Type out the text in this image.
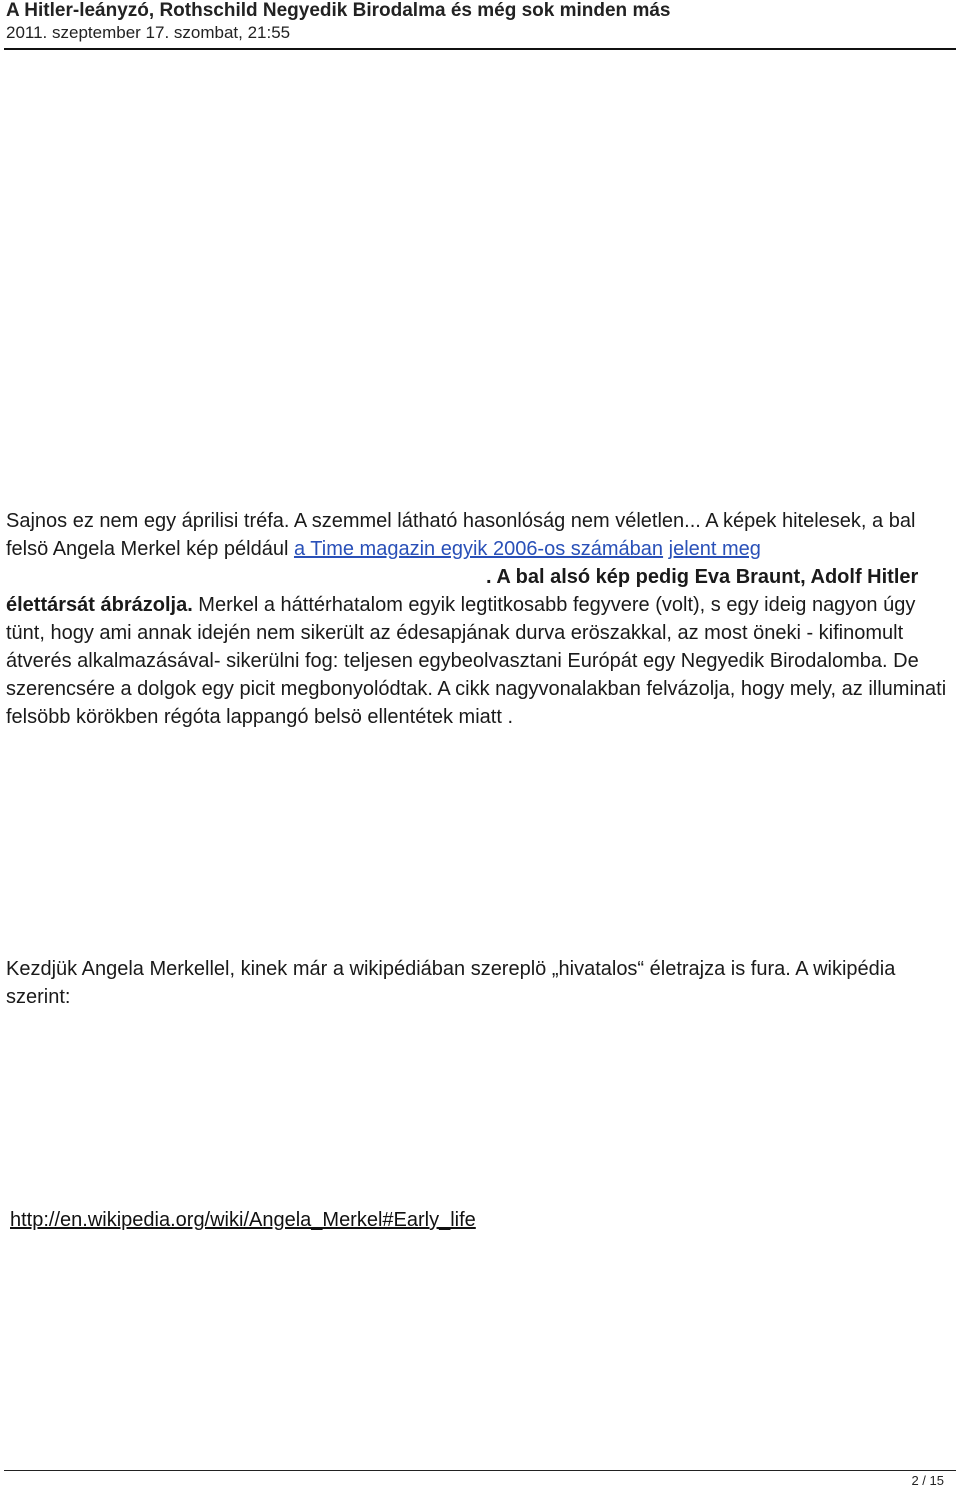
A Hitler-leányzó, Rothschild Negyedik Birodalma és még sok minden más
2011. szeptember 17. szombat, 21:55

Sajnos ez nem egy áprilisi tréfa. A szemmel látható hasonlóság nem véletlen... A képek hitelesek, a bal felsö Angela Merkel kép például a Time magazin egyik 2006-os számában jelent meg. A bal alsó kép pedig Eva Braunt, Adolf Hitler élettársát ábrázolja. Merkel a háttérhatalom egyik legtitkosabb fegyvere (volt), s egy ideig nagyon úgy tünt, hogy ami annak idején nem sikerült az édesapjának durva eröszakkal, az most öneki - kifinomult átverés alkalmazásával- sikerülni fog: teljesen egybeolvasztani Európát egy Negyedik Birodalomba. De szerencsére a dolgok egy picit megbonyolódtak. A cikk nagyvonalakban felvázolja, hogy mely, az illuminati felsöbb körökben régóta lappangó belsö ellentétek miatt .

Kezdjük Angela Merkellel, kinek már a wikipédiában szereplö „hivatalos“ életrajza is fura. A wikipédia szerint:

http://en.wikipedia.org/wiki/Angela_Merkel#Early_life

2 / 15
